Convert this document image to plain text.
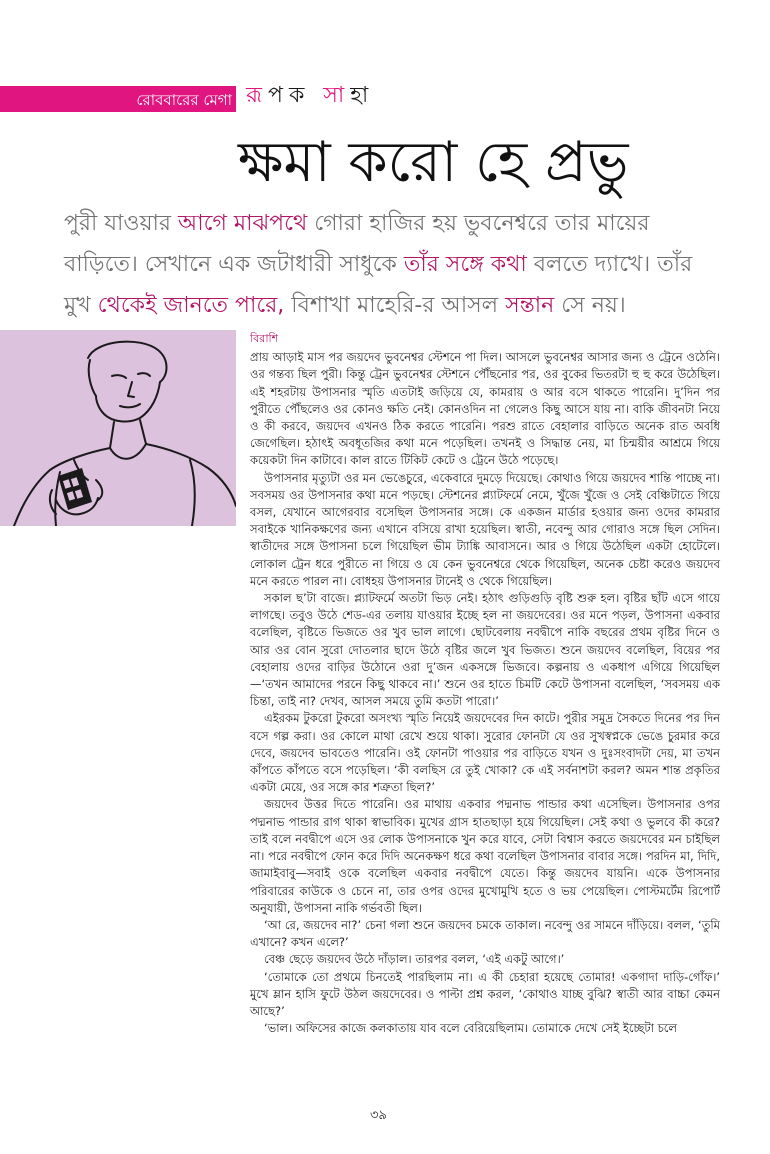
রোববারের মেগা রূপক সাহা
ক্ষমা করো হে প্রভু
পুরী যাওয়ার আগে মাঝপথে গোরা হাজির হয় ভুবনেশ্বরে তার মায়ের বাড়িতে। সেখানে এক জটাধারী সাধুকে তাঁর সঙ্গে কথা বলতে দ্যাখে। তাঁর মুখ থেকেই জানতে পারে, বিশাখা মাহেরি-র আসল সন্তান সে নয়।
বিরাশি

প্রায় আড়াই মাস পর জয়দেব ভুবনেশ্বর স্টেশনে পা দিল। আসলে ভুবনেশ্বর আসার জন্য ও ট্রেনে ওঠেনি। ওর গন্তব্য ছিল পুরী। কিন্তু ট্রেন ভুবনেশ্বর স্টেশনে পৌঁছনোর পর, ওর বুকের ভিতরটা হু হু করে উঠেছিল। এই শহরটায় উপাসনার স্মৃতি এতটাই জড়িয়ে যে, কামরায় ও আর বসে থাকতে পারেনি। দু’দিন পর পুরীতে পৌঁছলেও ওর কোনও ক্ষতি নেই। কোনওদিন না গেলেও কিছু আসে যায় না। বাকি জীবনটা নিয়ে ও কী করবে, জয়দেব এখনও ঠিক করতে পারেনি। পরশু রাতে বেহালার বাড়িতে অনেক রাত অবধি জেগেছিল। হঠাৎই অবধূতজির কথা মনে পড়েছিল। তখনই ও সিদ্ধান্ত নেয়, মা চিন্ময়ীর আশ্রমে গিয়ে কয়েকটা দিন কাটাবে। কাল রাতে টিকিট কেটে ও ট্রেনে উঠে পড়েছে।

উপাসনার মৃত্যুটা ওর মন ভেঙেচুরে, একেবারে দুমড়ে দিয়েছে। কোথাও গিয়ে জয়দেব শান্তি পাচ্ছে না। সবসময় ওর উপাসনার কথা মনে পড়ছে। স্টেশনের প্ল্যাটফর্মে নেমে, খুঁজে খুঁজে ও সেই বেঞ্চিটাতে গিয়ে বসল, যেখানে আগেরবার বসেছিল উপাসনার সঙ্গে। কে একজন মার্ডার হওয়ার জন্য ওদের কামরার সবাইকে খানিকক্ষণের জন্য এখানে বসিয়ে রাখা হয়েছিল। স্বাতী, নবেন্দু আর গোরাও সঙ্গে ছিল সেদিন। স্বাতীদের সঙ্গে উপাসনা চলে গিয়েছিল ভীম ট্যাঙ্কি আবাসনে। আর ও গিয়ে উঠেছিল একটা হোটেলে। লোকাল ট্রেন ধরে পুরীতে না গিয়ে ও যে কেন ভুবনেশ্বরে থেকে গিয়েছিল, অনেক চেষ্টা করেও জয়দেব মনে করতে পারল না। বোধহয় উপাসনার টানেই ও থেকে গিয়েছিল।

সকাল ছ’টা বাজে। প্ল্যাটফর্মে অতটা ভিড় নেই। হঠাৎ গুড়িগুড়ি বৃষ্টি শুরু হল। বৃষ্টির ছাঁট এসে গায়ে লাগছে। তবুও উঠে শেড-এর তলায় যাওয়ার ইচ্ছে হল না জয়দেবের। ওর মনে পড়ল, উপাসনা একবার বলেছিল, বৃষ্টিতে ভিজতে ওর খুব ভাল লাগে। ছোটবেলায় নবদ্বীপে নাকি বছরের প্রথম বৃষ্টির দিনে ও আর ওর বোন সুরো দোতলার ছাদে উঠে বৃষ্টির জলে খুব ভিজত। শুনে জয়দেব বলেছিল, বিয়ের পর বেহালায় ওদের বাড়ির উঠোনে ওরা দু’জন একসঙ্গে ভিজবে। কল্পনায় ও একধাপ এগিয়ে গিয়েছিল—‘তখন আমাদের পরনে কিছু থাকবে না।’ শুনে ওর হাতে চিমটি কেটে উপাসনা বলেছিল, ‘সবসময় এক চিন্তা, তাই না? দেখব, আসল সময়ে তুমি কতটা পারো।’

এইরকম টুকরো টুকরো অসংখ্য স্মৃতি নিয়েই জয়দেবের দিন কাটে। পুরীর সমুদ্র সৈকতে দিনের পর দিন বসে গল্প করা। ওর কোলে মাথা রেখে শুয়ে থাকা। সুরোর ফোনটা যে ওর সুখস্বপ্নকে ভেঙে চুরমার করে দেবে, জয়দেব ভাবতেও পারেনি। ওই ফোনটা পাওয়ার পর বাড়িতে যখন ও দুঃসংবাদটা দেয়, মা তখন কাঁপতে কাঁপতে বসে পড়েছিল। ‘কী বলছিস রে তুই খোকা? কে এই সর্বনাশটা করল? অমন শান্ত প্রকৃতির একটা মেয়ে, ওর সঙ্গে কার শত্রুতা ছিল?’

জয়দেব উত্তর দিতে পারেনি। ওর মাথায় একবার পদ্মনাভ পান্ডার কথা এসেছিল। উপাসনার ওপর পদ্মনাভ পান্ডার রাগ থাকা স্বাভাবিক। মুখের গ্রাস হাতছাড়া হয়ে গিয়েছিল। সেই কথা ও ভুলবে কী করে? তাই বলে নবদ্বীপে এসে ওর লোক উপাসনাকে খুন করে যাবে, সেটা বিশ্বাস করতে জয়দেবের মন চাইছিল না। পরে নবদ্বীপে ফোন করে দিদি অনেকক্ষণ ধরে কথা বলেছিল উপাসনার বাবার সঙ্গে। পরদিন মা, দিদি, জামাইবাবু—সবাই ওকে বলেছিল একবার নবদ্বীপে যেতে। কিন্তু জয়দেব যায়নি। একে উপাসনার পরিবারের কাউকে ও চেনে না, তার ওপর ওদের মুখোমুখি হতে ও ভয় পেয়েছিল। পোস্টমর্টেম রিপোর্ট অনুযায়ী, উপাসনা নাকি গর্ভবতী ছিল।

‘আ রে, জয়দেব না?’ চেনা গলা শুনে জয়দেব চমকে তাকাল। নবেন্দু ওর সামনে দাঁড়িয়ে। বলল, ‘তুমি এখানে? কখন এলে?’

বেঞ্চ ছেড়ে জয়দেব উঠে দাঁড়াল। তারপর বলল, ‘এই একটু আগে।’

‘তোমাকে তো প্রথমে চিনতেই পারছিলাম না। এ কী চেহারা হয়েছে তোমার! একগাদা দাড়ি-গোঁফ।’ মুখে ম্লান হাসি ফুটে উঠল জয়দেবের। ও পাল্টা প্রশ্ন করল, ‘কোথাও যাচ্ছ বুঝি? স্বাতী আর বাচ্চা কেমন আছে?’

‘ভাল। অফিসের কাজে কলকাতায় যাব বলে বেরিয়েছিলাম। তোমাকে দেখে সেই ইচ্ছেটা চলে

৩৯
